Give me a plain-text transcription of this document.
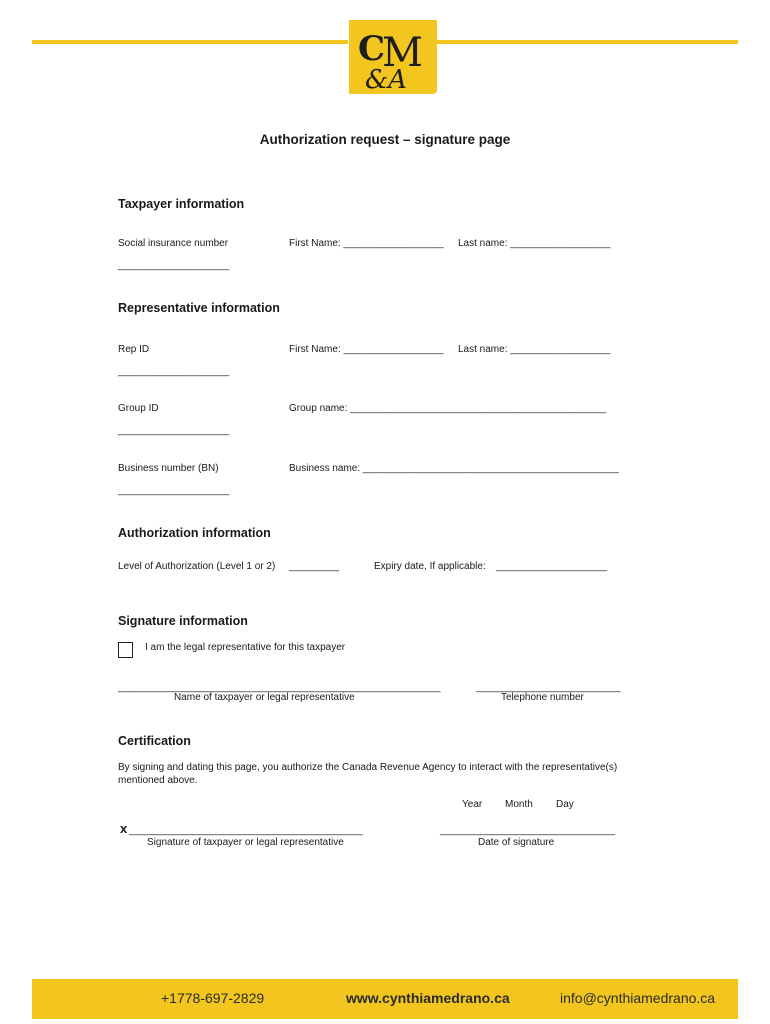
C
M
&A
Authorization request – signature page
Taxpayer information
Social insurance number	First Name: __________________ Last name: __________________
____________________
Representative information
Rep ID	First Name: __________________ Last name: __________________
____________________
Group ID	Group name: ______________________________________________
____________________
Business number (BN)	Business name: ______________________________________________
____________________
Authorization information
Level of Authorization (Level 1 or 2) _________	Expiry date, If applicable: ____________________
Signature information
I am the legal representative for this taxpayer
__________________________________________________________
Name of taxpayer or legal representative
__________________________
Telephone number
Certification
By signing and dating this page, you authorize the Canada Revenue Agency to interact with the representative(s) mentioned above.
Year Month Day
x ________________________________________
Signature of taxpayer or legal representative
______________________________
Date of signature
+1778-697-2829	www.cynthiamedrano.ca	info@cynthiamedrano.ca
